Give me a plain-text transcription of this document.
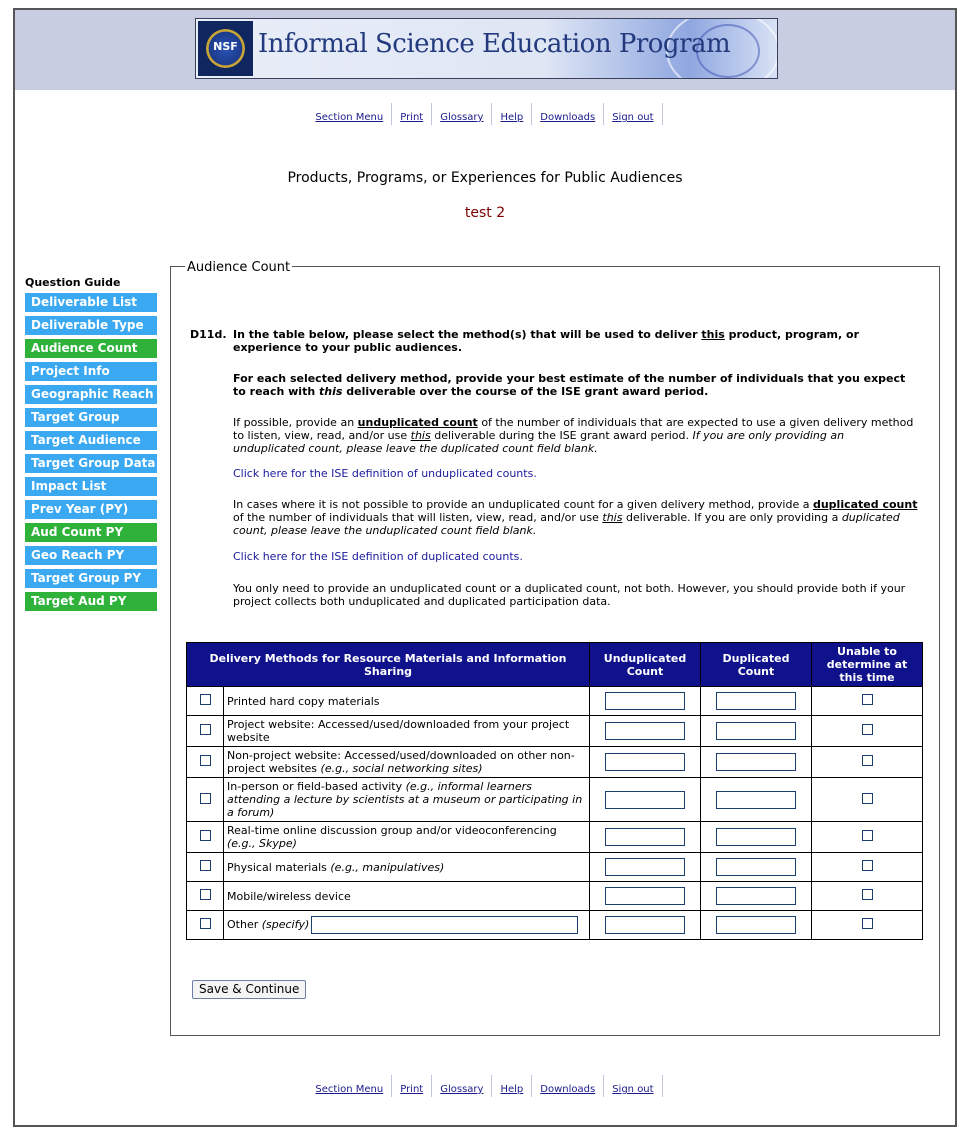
NSF Informal Science Education Program
Section Menu Print Glossary Help Downloads Sign out
Products, Programs, or Experiences for Public Audiences
test 2
Question Guide
Deliverable List
Deliverable Type
Audience Count
Project Info
Geographic Reach
Target Group
Target Audience
Target Group Data
Impact List
Prev Year (PY)
Aud Count PY
Geo Reach PY
Target Group PY
Target Aud PY
Audience Count
D11d. In the table below, please select the method(s) that will be used to deliver this product, program, or experience to your public audiences.
For each selected delivery method, provide your best estimate of the number of individuals that you expect to reach with this deliverable over the course of the ISE grant award period.
If possible, provide an unduplicated count of the number of individuals that are expected to use a given delivery method to listen, view, read, and/or use this deliverable during the ISE grant award period. If you are only providing an unduplicated count, please leave the duplicated count field blank.
Click here for the ISE definition of unduplicated counts.
In cases where it is not possible to provide an unduplicated count for a given delivery method, provide a duplicated count of the number of individuals that will listen, view, read, and/or use this deliverable. If you are only providing a duplicated count, please leave the unduplicated count field blank.
Click here for the ISE definition of duplicated counts.
You only need to provide an unduplicated count or a duplicated count, not both. However, you should provide both if your project collects both unduplicated and duplicated participation data.
Delivery Methods for Resource Materials and Information Sharing		Unduplicated Count	Duplicated Count	Unable to determine at this time
	Printed hard copy materials			
	Project website: Accessed/used/downloaded from your project website			
	Non-project website: Accessed/used/downloaded on other non-project websites (e.g., social networking sites)			
	In-person or field-based activity (e.g., informal learners attending a lecture by scientists at a museum or participating in a forum)			
	Real-time online discussion group and/or videoconferencing (e.g., Skype)			
	Physical materials (e.g., manipulatives)			
	Mobile/wireless device			
	Other (specify)			
Save & Continue
Section Menu Print Glossary Help Downloads Sign out
